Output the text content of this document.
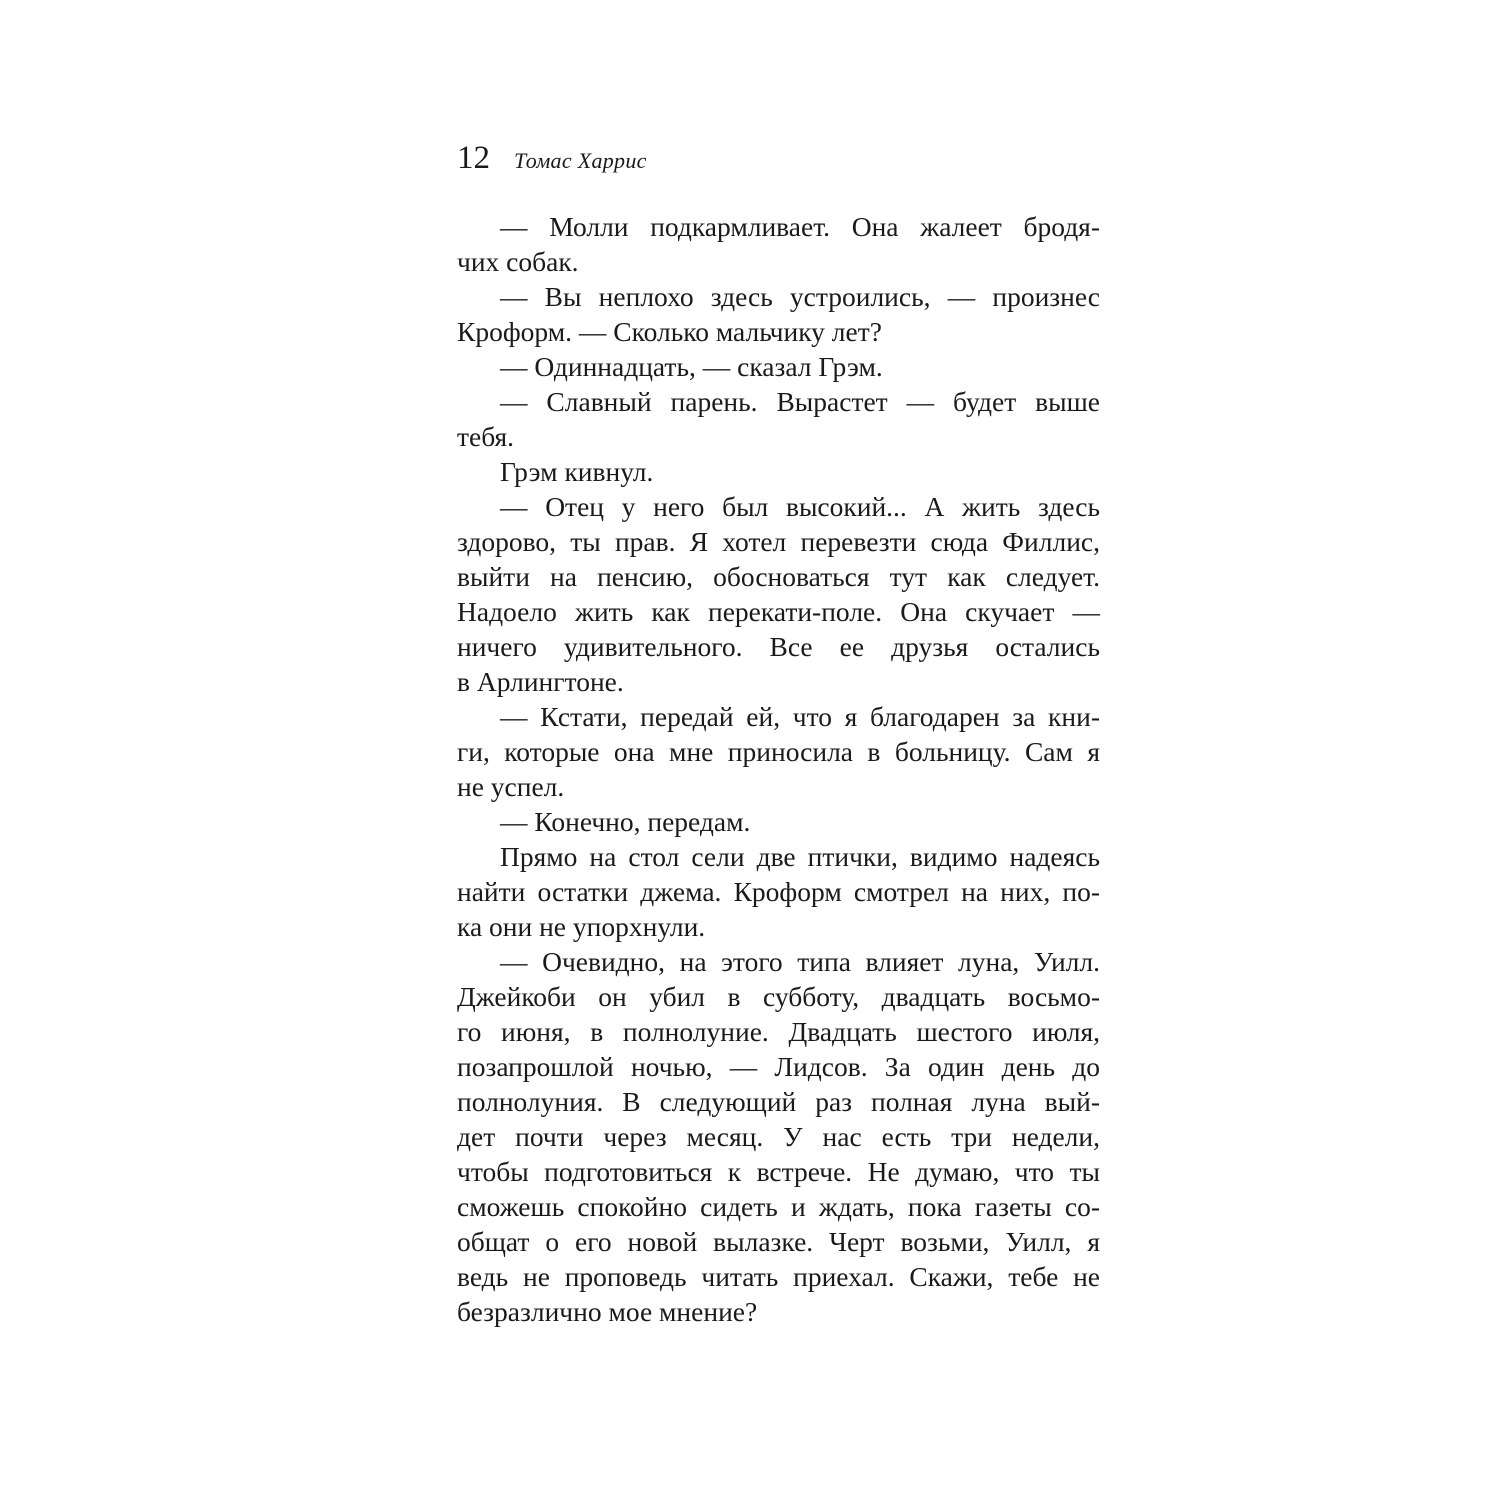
12 Томас Харрис
— Молли подкармливает. Она жалеет бродя-
чих собак.
— Вы неплохо здесь устроились, — произнес
Кроформ. — Сколько мальчику лет?
— Одиннадцать, — сказал Грэм.
— Славный парень. Вырастет — будет выше
тебя.
Грэм кивнул.
— Отец у него был высокий... А жить здесь
здорово, ты прав. Я хотел перевезти сюда Филлис,
выйти на пенсию, обосноваться тут как следует.
Надоело жить как перекати-поле. Она скучает —
ничего удивительного. Все ее друзья остались
в Арлингтоне.
— Кстати, передай ей, что я благодарен за кни-
ги, которые она мне приносила в больницу. Сам я
не успел.
— Конечно, передам.
Прямо на стол сели две птички, видимо надеясь
найти остатки джема. Кроформ смотрел на них, по-
ка они не упорхнули.
— Очевидно, на этого типа влияет луна, Уилл.
Джейкоби он убил в субботу, двадцать восьмо-
го июня, в полнолуние. Двадцать шестого июля,
позапрошлой ночью, — Лидсов. За один день до
полнолуния. В следующий раз полная луна вый-
дет почти через месяц. У нас есть три недели,
чтобы подготовиться к встрече. Не думаю, что ты
сможешь спокойно сидеть и ждать, пока газеты со-
общат о его новой вылазке. Черт возьми, Уилл, я
ведь не проповедь читать приехал. Скажи, тебе не
безразлично мое мнение?
